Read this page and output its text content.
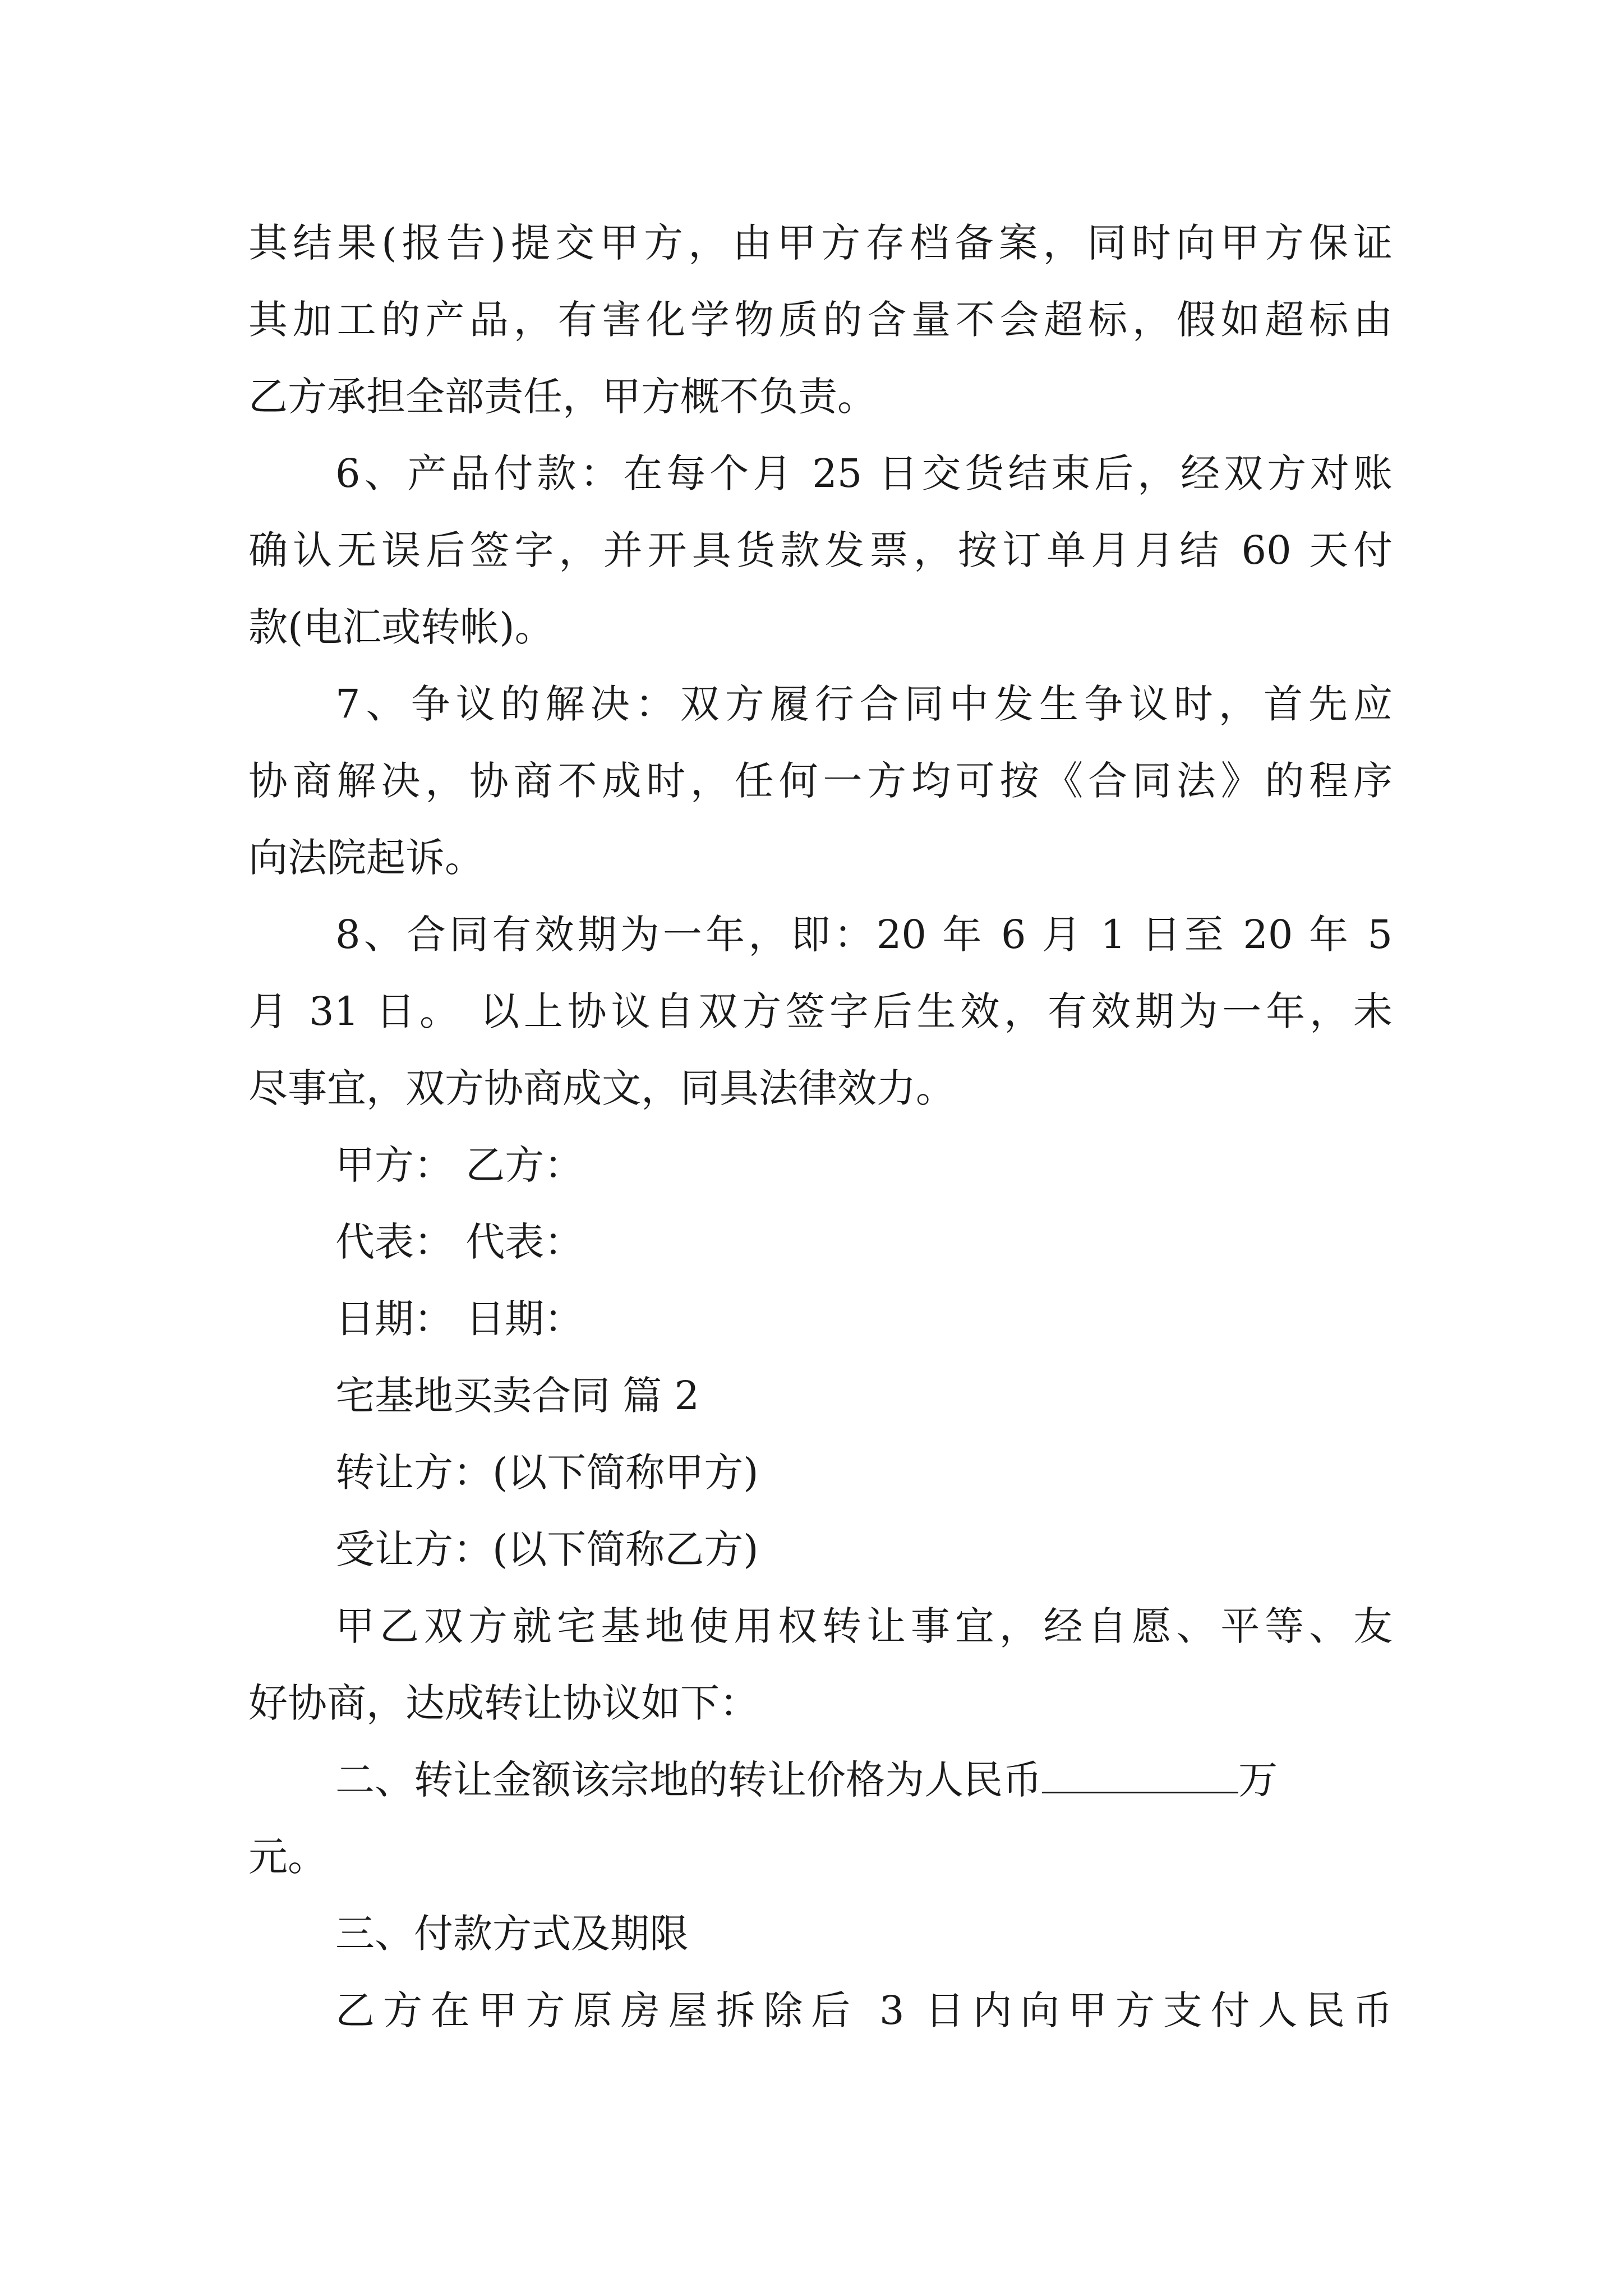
其结果(报告)提交甲方，由甲方存档备案，同时向甲方保证
其加工的产品，有害化学物质的含量不会超标，假如超标由
乙方承担全部责任，甲方概不负责。
6、产品付款：在每个月 25 日交货结束后，经双方对账
确认无误后签字，并开具货款发票，按订单月月结 60 天付
款(电汇或转帐)。
7、争议的解决：双方履行合同中发生争议时，首先应
协商解决，协商不成时，任何一方均可按《合同法》的程序
向法院起诉。
8、合同有效期为一年，即：20 年 6 月 1 日至 20 年 5
月 31 日。 以上协议自双方签字后生效，有效期为一年，未
尽事宜，双方协商成文，同具法律效力。
甲方： 乙方：
代表： 代表：
日期： 日期：
宅基地买卖合同 篇 2
转让方：(以下简称甲方)
受让方：(以下简称乙方)
甲乙双方就宅基地使用权转让事宜，经自愿、平等、友
好协商，达成转让协议如下：
二、转让金额该宗地的转让价格为人民币	万
元。
三、付款方式及期限
乙方在甲方原房屋拆除后 3 日内向甲方支付人民币
